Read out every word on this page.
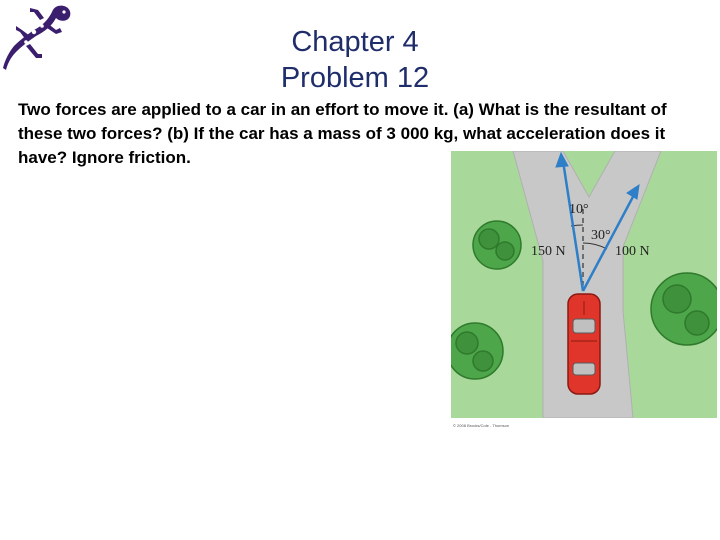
Chapter 4
Problem 12
Two forces are applied to a car in an effort to move it. (a) What is the resultant of these two forces? (b) If the car has a mass of 3 000 kg, what acceleration does it have? Ignore friction.
10°
30°
150 N	100 N
© 2008 Brooks/Cole - Thomson
